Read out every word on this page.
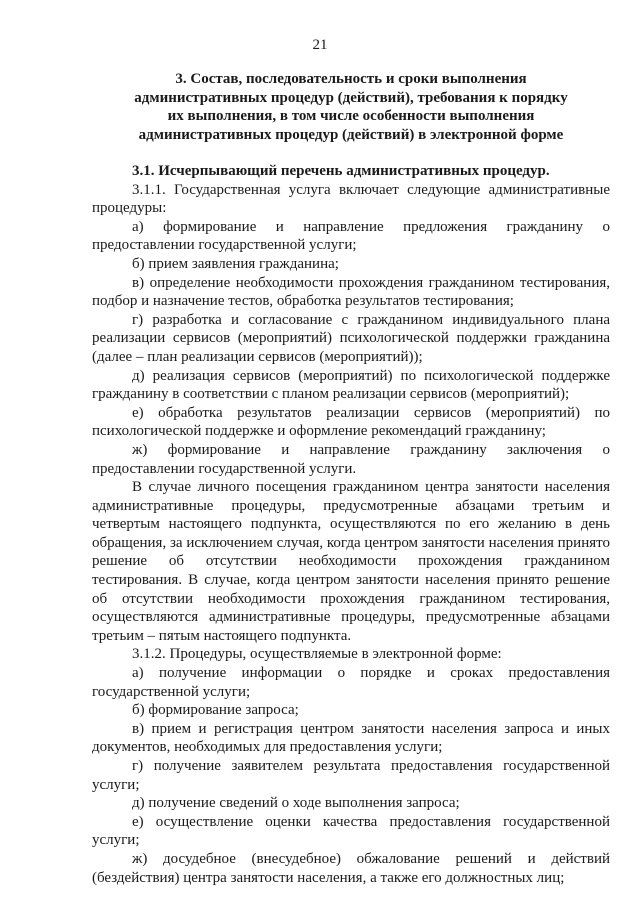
21
3. Состав, последовательность и сроки выполнения
административных процедур (действий), требования к порядку
их выполнения, в том числе особенности выполнения
административных процедур (действий) в электронной форме

3.1. Исчерпывающий перечень административных процедур.

3.1.1. Государственная услуга включает следующие административные процедуры:

а) формирование и направление предложения гражданину о предоставлении государственной услуги;

б) прием заявления гражданина;

в) определение необходимости прохождения гражданином тестирования, подбор и назначение тестов, обработка результатов тестирования;

г) разработка и согласование с гражданином индивидуального плана реализации сервисов (мероприятий) психологической поддержки гражданина (далее – план реализации сервисов (мероприятий));

д) реализация сервисов (мероприятий) по психологической поддержке гражданину в соответствии с планом реализации сервисов (мероприятий);

е) обработка результатов реализации сервисов (мероприятий) по психологической поддержке и оформление рекомендаций гражданину;

ж) формирование и направление гражданину заключения о предоставлении государственной услуги.

В случае личного посещения гражданином центра занятости населения административные процедуры, предусмотренные абзацами третьим и четвертым настоящего подпункта, осуществляются по его желанию в день обращения, за исключением случая, когда центром занятости населения принято решение об отсутствии необходимости прохождения гражданином тестирования. В случае, когда центром занятости населения принято решение об отсутствии необходимости прохождения гражданином тестирования, осуществляются административные процедуры, предусмотренные абзацами третьим – пятым настоящего подпункта.

3.1.2. Процедуры, осуществляемые в электронной форме:

а) получение информации о порядке и сроках предоставления государственной услуги;

б) формирование запроса;

в) прием и регистрация центром занятости населения запроса и иных документов, необходимых для предоставления услуги;

г) получение заявителем результата предоставления государственной услуги;

д) получение сведений о ходе выполнения запроса;

е) осуществление оценки качества предоставления государственной услуги;

ж) досудебное (внесудебное) обжалование решений и действий (бездействия) центра занятости населения, а также его должностных лиц;
